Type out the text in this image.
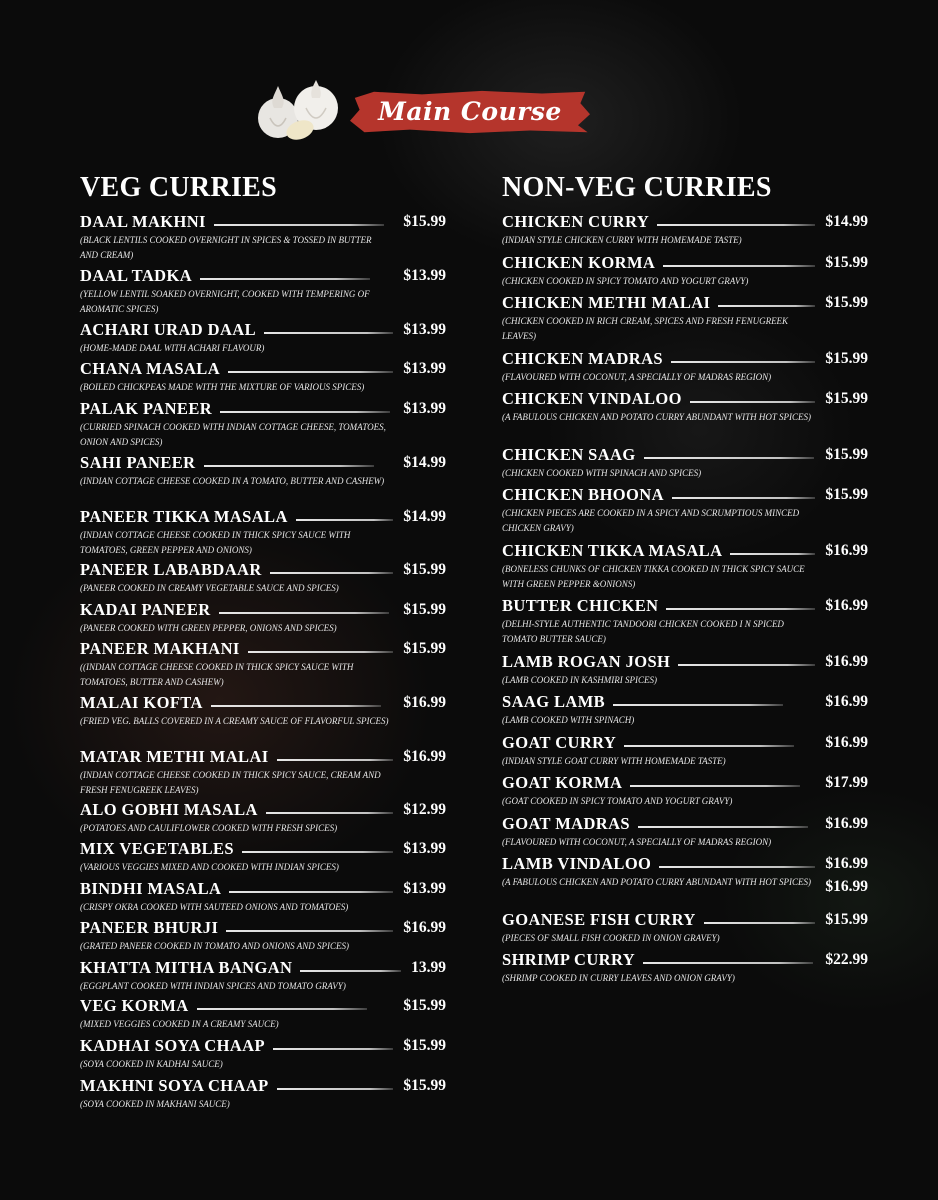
Main Course
VEG CURRIES
DAAL MAKHNI	$15.99
(BLACK LENTILS COOKED OVERNIGHT IN SPICES & TOSSED IN BUTTER AND CREAM)
DAAL TADKA	$13.99
(YELLOW LENTIL SOAKED OVERNIGHT, COOKED WITH TEMPERING OF AROMATIC SPICES)
ACHARI URAD DAAL	$13.99
(HOME-MADE DAAL WITH ACHARI FLAVOUR)
CHANA MASALA	$13.99
(BOILED CHICKPEAS MADE WITH THE MIXTURE OF VARIOUS SPICES)
PALAK PANEER	$13.99
(CURRIED SPINACH COOKED WITH INDIAN COTTAGE CHEESE, TOMATOES, ONION AND SPICES)
SAHI PANEER	$14.99
(INDIAN COTTAGE CHEESE COOKED IN A TOMATO, BUTTER AND CASHEW)
PANEER TIKKA MASALA	$14.99
(INDIAN COTTAGE CHEESE COOKED IN THICK SPICY SAUCE WITH TOMATOES, GREEN PEPPER AND ONIONS)
PANEER LABABDAAR	$15.99
(PANEER COOKED IN CREAMY VEGETABLE SAUCE AND SPICES)
KADAI PANEER	$15.99
(PANEER COOKED WITH GREEN PEPPER, ONIONS AND SPICES)
PANEER MAKHANI	$15.99
((INDIAN COTTAGE CHEESE COOKED IN THICK SPICY SAUCE WITH TOMATOES, BUTTER AND CASHEW)
MALAI KOFTA	$16.99
(FRIED VEG. BALLS COVERED IN A CREAMY SAUCE OF FLAVORFUL SPICES)
MATAR METHI MALAI	$16.99
(INDIAN COTTAGE CHEESE COOKED IN THICK SPICY SAUCE, CREAM AND FRESH FENUGREEK LEAVES)
ALO GOBHI MASALA	$12.99
(POTATOES AND CAULIFLOWER COOKED WITH FRESH SPICES)
MIX VEGETABLES	$13.99
(VARIOUS VEGGIES MIXED AND COOKED WITH INDIAN SPICES)
BINDHI MASALA	$13.99
(CRISPY OKRA COOKED WITH SAUTEED ONIONS AND TOMATOES)
PANEER BHURJI	$16.99
(GRATED PANEER COOKED IN TOMATO AND ONIONS AND SPICES)
KHATTA MITHA BANGAN	13.99
(EGGPLANT COOKED WITH INDIAN SPICES AND TOMATO GRAVY)
VEG KORMA	$15.99
(MIXED VEGGIES COOKED IN A CREAMY SAUCE)
KADHAI SOYA CHAAP	$15.99
(SOYA COOKED IN KADHAI SAUCE)
MAKHNI SOYA CHAAP	$15.99
(SOYA COOKED IN MAKHANI SAUCE)
NON-VEG CURRIES
CHICKEN CURRY	$14.99
(INDIAN STYLE CHICKEN CURRY WITH HOMEMADE TASTE)
CHICKEN KORMA	$15.99
(CHICKEN COOKED IN SPICY TOMATO AND YOGURT GRAVY)
CHICKEN METHI MALAI	$15.99
(CHICKEN COOKED IN RICH CREAM, SPICES AND FRESH FENUGREEK LEAVES)
CHICKEN MADRAS	$15.99
(FLAVOURED WITH COCONUT, A SPECIALLY OF MADRAS REGION)
CHICKEN VINDALOO	$15.99
(A FABULOUS CHICKEN AND POTATO CURRY ABUNDANT WITH HOT SPICES)
CHICKEN SAAG	$15.99
(CHICKEN COOKED WITH SPINACH AND SPICES)
CHICKEN BHOONA	$15.99
(CHICKEN PIECES ARE COOKED IN A SPICY AND SCRUMPTIOUS MINCED CHICKEN GRAVY)
CHICKEN TIKKA MASALA	$16.99
(BONELESS CHUNKS OF CHICKEN TIKKA COOKED IN THICK SPICY SAUCE WITH GREEN PEPPER &ONIONS)
BUTTER CHICKEN	$16.99
(DELHI-STYLE AUTHENTIC TANDOORI CHICKEN COOKED I N SPICED TOMATO BUTTER SAUCE)
LAMB ROGAN JOSH	$16.99
(LAMB COOKED IN KASHMIRI SPICES)
SAAG LAMB	$16.99
(LAMB COOKED WITH SPINACH)
GOAT CURRY	$16.99
(INDIAN STYLE GOAT CURRY WITH HOMEMADE TASTE)
GOAT KORMA	$17.99
(GOAT COOKED IN SPICY TOMATO AND YOGURT GRAVY)
GOAT MADRAS	$16.99
(FLAVOURED WITH COCONUT, A SPECIALLY OF MADRAS REGION)
LAMB VINDALOO	$16.99
(A FABULOUS CHICKEN AND POTATO CURRY ABUNDANT WITH HOT SPICES) $16.99
GOANESE FISH CURRY	$15.99
(PIECES OF SMALL FISH COOKED IN ONION GRAVEY)
SHRIMP CURRY	$22.99
(SHRIMP COOKED IN CURRY LEAVES AND ONION GRAVY)
